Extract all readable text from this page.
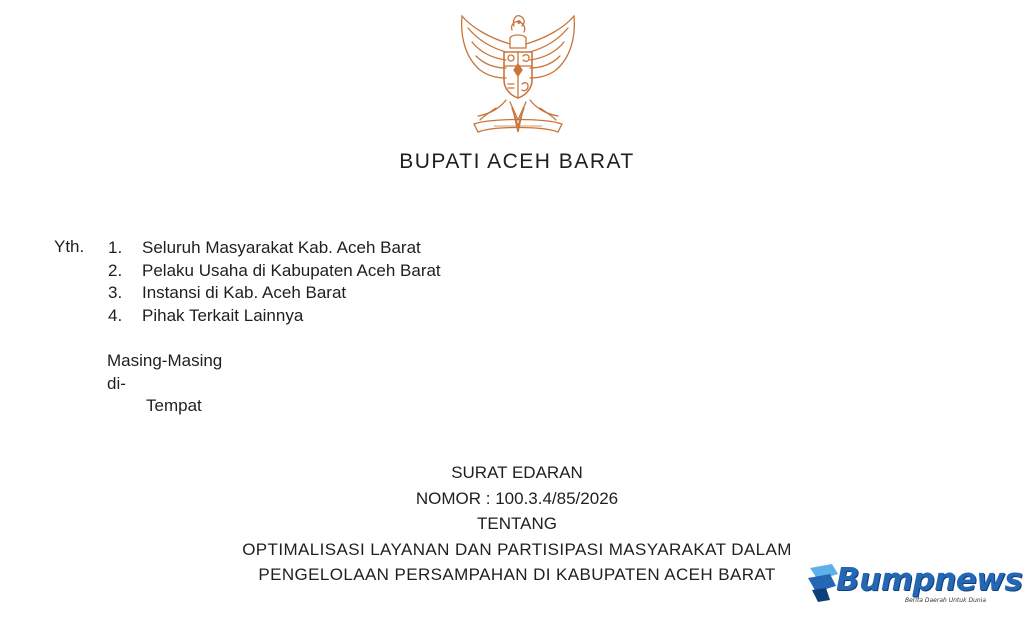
BUPATI ACEH BARAT
Yth. 1. Seluruh Masyarakat Kab. Aceh Barat
2. Pelaku Usaha di Kabupaten Aceh Barat
3. Instansi di Kab. Aceh Barat
4. Pihak Terkait Lainnya
Masing-Masing
di-
Tempat
SURAT EDARAN
NOMOR : 100.3.4/85/2026
TENTANG
OPTIMALISASI LAYANAN DAN PARTISIPASI MASYARAKAT DALAM
PENGELOLAAN PERSAMPAHAN DI KABUPATEN ACEH BARAT	Bumpnews
Berita Daerah Untuk Dunia
